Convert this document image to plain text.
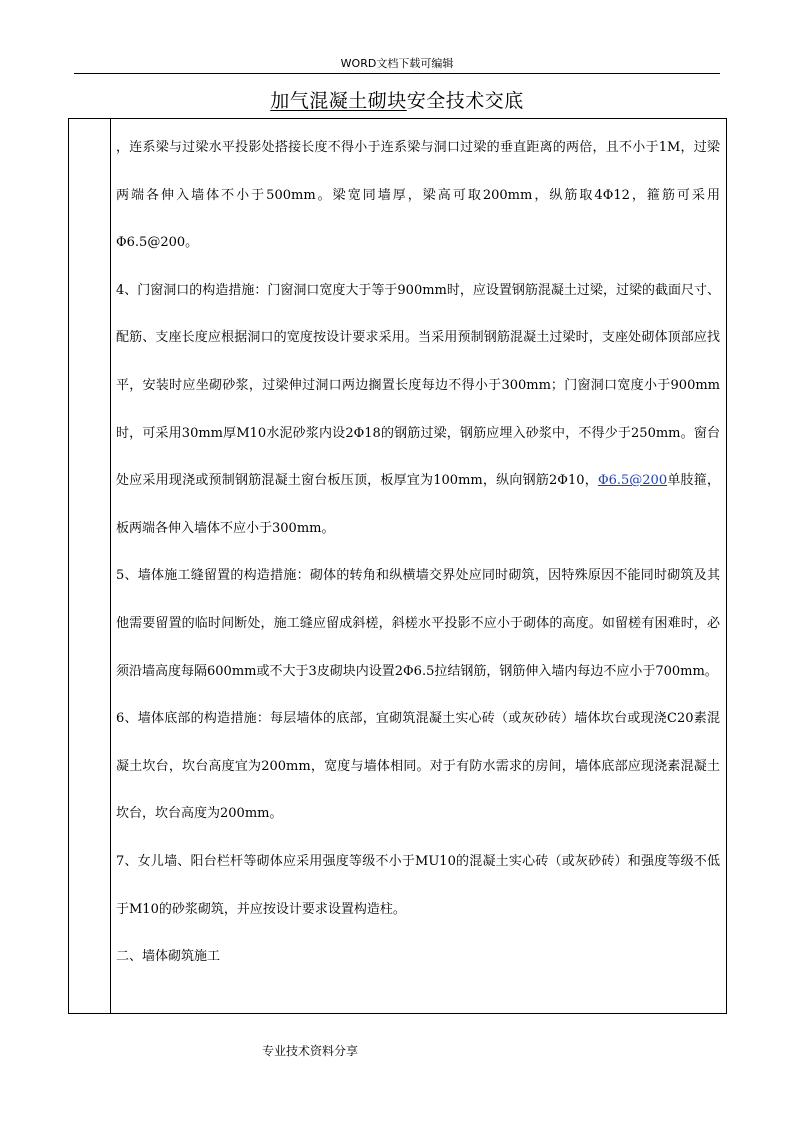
WORD文档下载可编辑
加气混凝土砌块安全技术交底

，连系梁与过梁水平投影处搭接长度不得小于连系梁与洞口过梁的垂直距离的两倍，且不小于1M，过梁两端各伸入墙体不小于500mm。梁宽同墙厚，梁高可取200mm，纵筋取4Φ12，箍筋可采用Φ6.5@200。

4、门窗洞口的构造措施：门窗洞口宽度大于等于900mm时，应设置钢筋混凝土过梁，过梁的截面尺寸、配筋、支座长度应根据洞口的宽度按设计要求采用。当采用预制钢筋混凝土过梁时，支座处砌体顶部应找平，安装时应坐砌砂浆，过梁伸过洞口两边搁置长度每边不得小于300mm；门窗洞口宽度小于900mm时，可采用30mm厚M10水泥砂浆内设2Φ18的钢筋过梁，钢筋应埋入砂浆中，不得少于250mm。窗台处应采用现浇或预制钢筋混凝土窗台板压顶，板厚宜为100mm，纵向钢筋2Φ10，Φ6.5@200单肢箍，板两端各伸入墙体不应小于300mm。

5、墙体施工缝留置的构造措施：砌体的转角和纵横墙交界处应同时砌筑，因特殊原因不能同时砌筑及其他需要留置的临时间断处，施工缝应留成斜槎，斜槎水平投影不应小于砌体的高度。如留槎有困难时，必须沿墙高度每隔600mm或不大于3皮砌块内设置2Φ6.5拉结钢筋，钢筋伸入墙内每边不应小于700mm。

6、墙体底部的构造措施：每层墙体的底部，宜砌筑混凝土实心砖（或灰砂砖）墙体坎台或现浇C20素混凝土坎台，坎台高度宜为200mm，宽度与墙体相同。对于有防水需求的房间，墙体底部应现浇素混凝土坎台，坎台高度为200mm。

7、女儿墙、阳台栏杆等砌体应采用强度等级不小于MU10的混凝土实心砖（或灰砂砖）和强度等级不低于M10的砂浆砌筑，并应按设计要求设置构造柱。

二、墙体砌筑施工

专业技术资料分享
